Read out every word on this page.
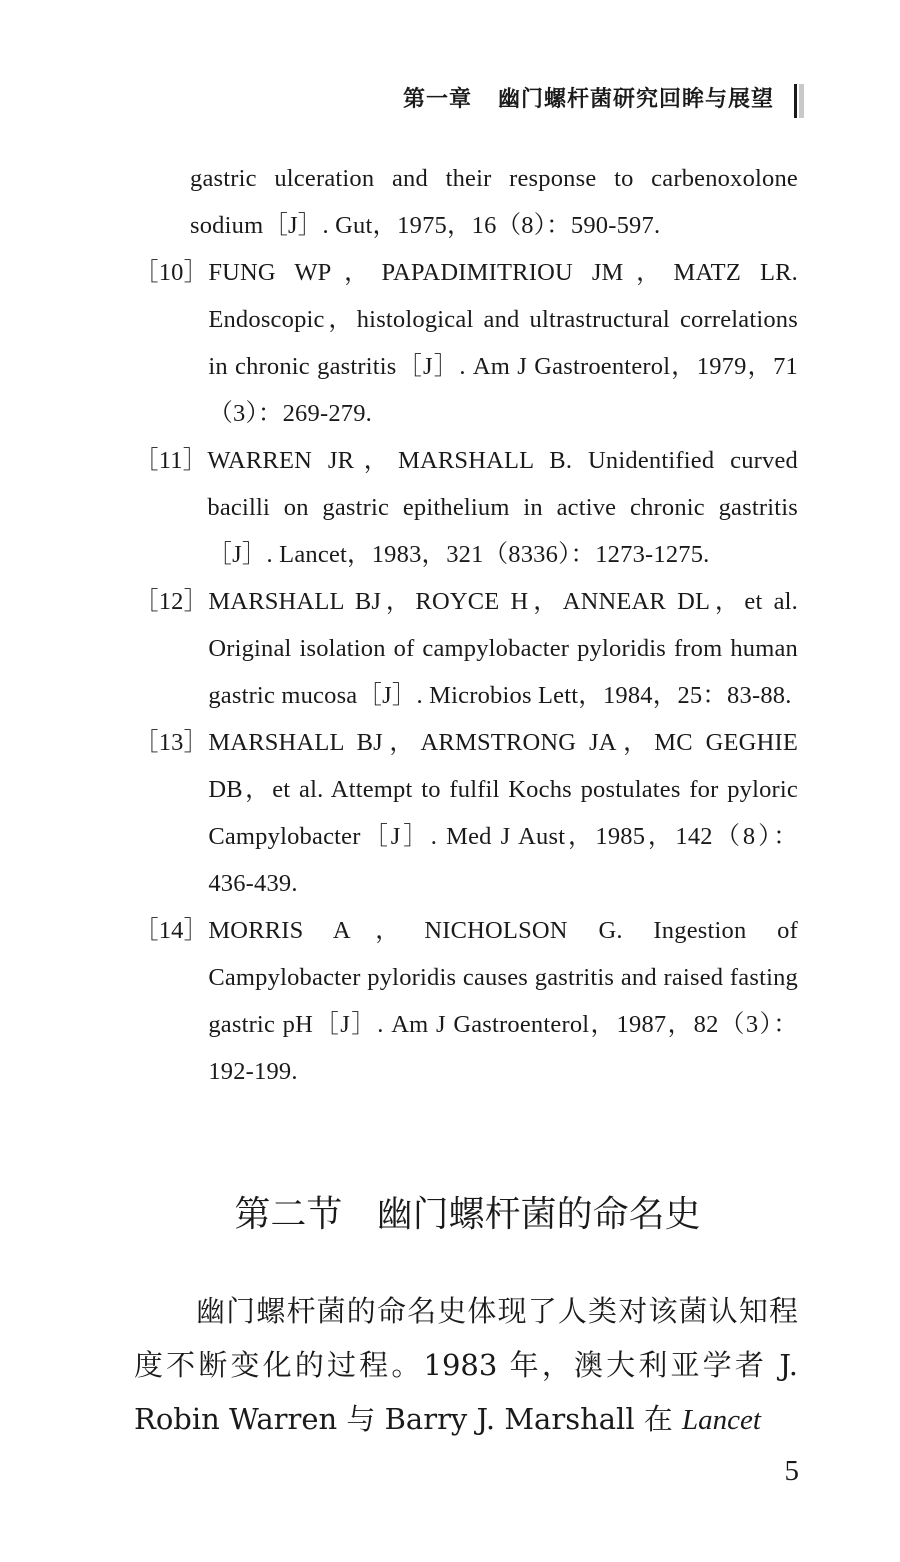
第一章 幽门螺杆菌研究回眸与展望
gastric ulceration and their response to carbenoxolone sodium［J］. Gut，1975，16（8）：590-597.
［10］ FUNG WP，PAPADIMITRIOU JM，MATZ LR. Endoscopic，histological and ultrastructural correlations in chronic gastritis［J］. Am J Gastroenterol，1979，71（3）：269-279.
［11］ WARREN JR，MARSHALL B. Unidentified curved bacilli on gastric epithelium in active chronic gastritis［J］. Lancet，1983，321（8336）：1273-1275.
［12］ MARSHALL BJ，ROYCE H，ANNEAR DL，et al. Original isolation of campylobacter pyloridis from human gastric mucosa［J］. Microbios Lett，1984，25：83-88.
［13］ MARSHALL BJ，ARMSTRONG JA，MC GEGHIE DB，et al. Attempt to fulfil Kochs postulates for pyloric Campylobacter［J］. Med J Aust，1985，142（8）：436-439.
［14］ MORRIS A，NICHOLSON G. Ingestion of Campylobacter pyloridis causes gastritis and raised fasting gastric pH［J］. Am J Gastroenterol，1987，82（3）：192-199.
第二节 幽门螺杆菌的命名史
幽门螺杆菌的命名史体现了人类对该菌认知程度不断变化的过程。1983 年，澳大利亚学者 J. Robin Warren 与 Barry J. Marshall 在 Lancet
5
